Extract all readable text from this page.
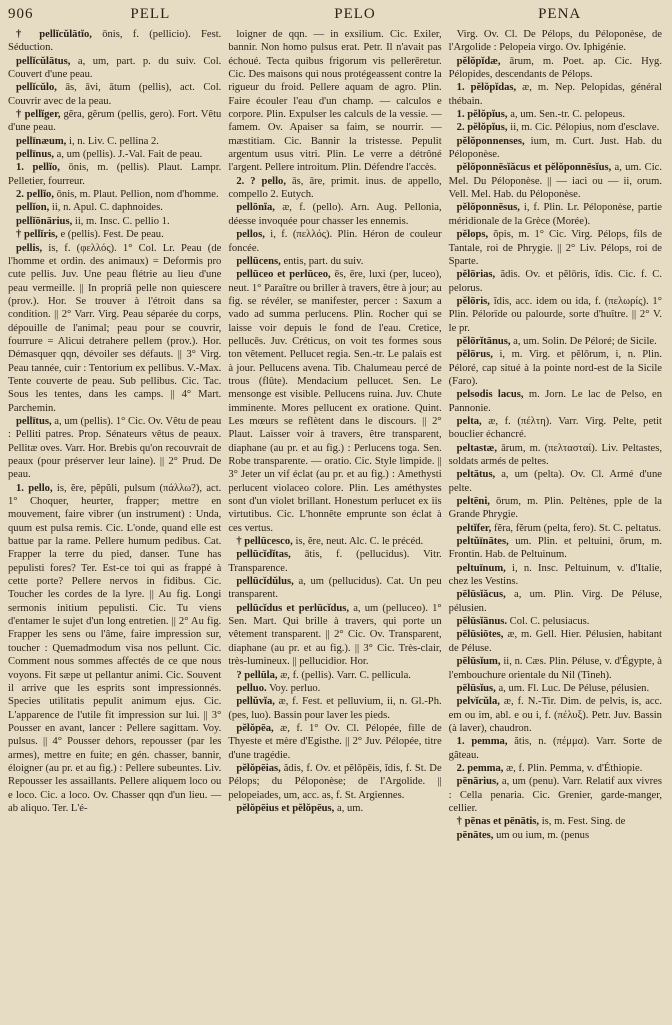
906	PELL	PELO	PENA

† pellĭcŭlātĭo, ōnis, f. (pellicio). Fest. Séduction.

pellĭcŭlātus, a, um, part. p. du suiv. Col. Couvert d'une peau.

pellĭcŭlo, ās, āvi, ātum (pellis), act. Col. Couvrir avec de la peau.

† pellĭger, gĕra, gĕrum (pellis, gero). Fort. Vêtu d'une peau.

pellīnæum, i, n. Liv. C. pellina 2.

pellīnus, a, um (pellis). J.-Val. Fait de peau.

1. pellĭo, ōnis, m. (pellis). Plaut. Lampr. Pelletier, fourreur.

2. pellĭo, ōnis, m. Plaut. Pellion, nom d'homme.

pellĭon, ii, n. Apul. C. daphnoides.

pellĭōnārius, ii, m. Insc. C. pellio 1.

† pellĭris, e (pellis). Fest. De peau.

pellis, is, f. (φελλός). 1° Col. Lr. Peau (de l'homme et ordin. des animaux) = Deformis pro cute pellis. Juv. Une peau flétrie au lieu d'une peau vermeille. || In propriā pelle non quiescere (prov.). Hor. Se trouver à l'étroit dans sa condition. || 2° Varr. Virg. Peau séparée du corps, dépouille de l'animal; peau pour se couvrir, fourrure = Alicui detrahere pellem (prov.). Hor. Démasquer qqn, dévoiler ses défauts. || 3° Virg. Peau tannée, cuir : Tentorium ex pellibus. V.-Max. Tente couverte de peau. Sub pellibus. Cic. Tac. Sous les tentes, dans les camps. || 4° Mart. Parchemin.

pellītus, a, um (pellis). 1° Cic. Ov. Vêtu de peau : Pelliti patres. Prop. Sénateurs vêtus de peaux. Pellitæ oves. Varr. Hor. Brebis qu'on recouvrait de peaux (pour préserver leur laine). || 2° Prud. De peau.

1. pello, is, ĕre, pĕpŭli, pulsum (πάλλω?), act. 1° Choquer, heurter, frapper; mettre en mouvement, faire vibrer (un instrument) : Unda, quum est pulsa remis. Cic. L'onde, quand elle est battue par la rame. Pellere humum pedibus. Cat. Frapper la terre du pied, danser. Tune has pepulisti fores? Ter. Est-ce toi qui as frappé à cette porte? Pellere nervos in fidibus. Cic. Toucher les cordes de la lyre. || Au fig. Longi sermonis initium pepulisti. Cic. Tu viens d'entamer le sujet d'un long entretien. || 2° Au fig. Frapper les sens ou l'âme, faire impression sur, toucher : Quemadmodum visa nos pellunt. Cic. Comment nous sommes affectés de ce que nous voyons. Fit sæpe ut pellantur animi. Cic. Souvent il arrive que les esprits sont impressionnés. Species utilitatis pepulit animum ejus. Cic. L'apparence de l'utile fit impression sur lui. || 3° Pousser en avant, lancer : Pellere sagittam. Voy. pulsus. || 4° Pousser dehors, repousser (par les armes), mettre en fuite; en gén. chasser, bannir, éloigner (au pr. et au fig.) : Pellere subeuntes. Liv. Repousser les assaillants. Pellere aliquem loco ou e loco. Cic. a loco. Ov. Chasser qqn d'un lieu. — ab aliquo. Ter. L'é-

loigner de qqn. — in exsilium. Cic. Exiler, bannir. Non homo pulsus erat. Petr. Il n'avait pas échoué. Tecta quibus frigorum vis pellerēretur. Cic. Des maisons qui nous protégeassent contre la rigueur du froid. Pellere aquam de agro. Plin. Faire écouler l'eau d'un champ. — calculos e corpore. Plin. Expulser les calculs de la vessie. — famem. Ov. Apaiser sa faim, se nourrir. — mæstitiam. Cic. Bannir la tristesse. Pepulit argentum usus vitri. Plin. Le verre a détrôné l'argent. Pellere introitum. Plin. Défendre l'accès.

2. ? pello, ās, āre, primit. inus. de appello, compello 2. Eutych.

pellōnĭa, æ, f. (pello). Arn. Aug. Pellonia, déesse invoquée pour chasser les ennemis.

pellos, i, f. (πελλός). Plin. Héron de couleur foncée.

pellūcens, entis, part. du suiv.

pellūceo et perlūceo, ēs, ēre, luxi (per, luceo), neut. 1° Paraître ou briller à travers, être à jour; au fig. se révéler, se manifester, percer : Saxum a vado ad summa perlucens. Plin. Rocher qui se laisse voir depuis le fond de l'eau. Cretice, pellucēs. Juv. Créticus, on voit tes formes sous ton vêtement. Pellucet regia. Sen.-tr. Le palais est à jour. Pellucens avena. Tib. Chalumeau percé de trous (flûte). Mendacium pellucet. Sen. Le mensonge est visible. Pellucens ruina. Juv. Chute imminente. Mores pellucent ex oratione. Quint. Les mœurs se reflètent dans le discours. || 2° Plaut. Laisser voir à travers, être transparent, diaphane (au pr. et au fig.) : Perlucens toga. Sen. Robe transparente. — oratio. Cic. Style limpide. || 3° Jeter un vif éclat (au pr. et au fig.) : Amethysti perlucent violaceo colore. Plin. Les améthystes sont d'un violet brillant. Honestum perlucet ex iis virtutibus. Cic. L'honnête emprunte son éclat à ces vertus.

† pellūcesco, is, ĕre, neut. Alc. C. le précéd.

pellūcĭdĭtas, ātis, f. (pellucidus). Vitr. Transparence.

pellūcĭdŭlus, a, um (pellucidus). Cat. Un peu transparent.

pellūcĭdus et perlūcĭdus, a, um (pelluceo). 1° Sen. Mart. Qui brille à travers, qui porte un vêtement transparent. || 2° Cic. Ov. Transparent, diaphane (au pr. et au fig.). || 3° Cic. Très-clair, très-lumineux. || pellucidior. Hor.

? pellūla, æ, f. (pellis). Varr. C. pellicula.

pelluo. Voy. perluo.

pellŭvĭa, æ, f. Fest. et pelluvium, ii, n. Gl.-Ph. (pes, luo). Bassin pour laver les pieds.

pĕlŏpēa, æ, f. 1° Ov. Cl. Pélopée, fille de Thyeste et mère d'Egisthe. || 2° Juv. Pélopée, titre d'une tragédie.

pĕlŏpēias, ădis, f. Ov. et pĕlŏpēis, ĭdis, f. St. De Pélops; du Péloponèse; de l'Argolide. || pelopeiades, um, acc. as, f. St. Argiennes.

pĕlŏpēius et pĕlŏpēus, a, um.

Virg. Ov. Cl. De Pélops, du Péloponèse, de l'Argolide : Pelopeia virgo. Ov. Iphigénie.

pĕlŏpĭdæ, ārum, m. Poet. ap. Cic. Hyg. Pélopides, descendants de Pélops.

1. pĕlŏpĭdas, æ, m. Nep. Pelopidas, général thébain.

1. pĕlŏpĭus, a, um. Sen.-tr. C. pelopeus.

2. pĕlŏpĭus, ii, m. Cic. Pélopius, nom d'esclave.

pĕlŏponnenses, ium, m. Curt. Just. Hab. du Péloponèse.

pĕlŏponnēsĭăcus et pĕlŏponnēsĭus, a, um. Cic. Mel. Du Péloponèse. || — iaci ou — ii, orum. Vell. Mel. Hab. du Péloponèse.

pĕlŏponnēsus, i, f. Plin. Lr. Péloponèse, partie méridionale de la Grèce (Morée).

pĕlops, ŏpis, m. 1° Cic. Virg. Pélops, fils de Tantale, roi de Phrygie. || 2° Liv. Pélops, roi de Sparte.

pĕlōrias, ădis. Ov. et pĕlōris, ĭdis. Cic. f. C. pelorus.

pĕlōris, ĭdis, acc. idem ou ida, f. (πελωρίς). 1° Plin. Pélorïde ou palourde, sorte d'huître. || 2° V. le pr.

pĕlōrĭtānus, a, um. Solin. De Péloré; de Sicile.

pĕlōrus, i, m. Virg. et pĕlōrum, i, n. Plin. Péloré, cap situé à la pointe nord-est de la Sicile (Faro).

pelsodis lacus, m. Jorn. Le lac de Pelso, en Pannonie.

pelta, æ, f. (πέλτη). Varr. Virg. Pelte, petit bouclier échancré.

peltastæ, ārum, m. (πελτασταί). Liv. Peltastes, soldats armés de peltes.

peltātus, a, um (pelta). Ov. Cl. Armé d'une pelte.

peltēni, ōrum, m. Plin. Peltènes, pple de la Grande Phrygie.

peltĭfer, fĕra, fĕrum (pelta, fero). St. C. peltatus.

peltŭīnātes, um. Plin. et peltuini, ōrum, m. Frontin. Hab. de Peltuinum.

peltuīnum, i, n. Insc. Peltuinum, v. d'Italie, chez les Vestins.

pēlūsĭăcus, a, um. Plin. Virg. De Péluse, pélusien.

pēlūsĭānus. Col. C. pelusiacus.

pēlūsiōtes, æ, m. Gell. Hier. Pélusien, habitant de Péluse.

pēlūsĭum, ii, n. Cæs. Plin. Péluse, v. d'Égypte, à l'embouchure orientale du Nil (Tineh).

pēlūsĭus, a, um. Fl. Luc. De Péluse, pélusien.

pelvĭcŭla, æ, f. N.-Tir. Dim. de pelvis, is, acc. em ou im, abl. e ou i, f. (πέλυξ). Petr. Juv. Bassin (à laver), chaudron.

1. pemma, ătis, n. (πέμμα). Varr. Sorte de gâteau.

2. pemma, æ, f. Plin. Pemma, v. d'Éthiopie.

pēnārius, a, um (penu). Varr. Relatif aux vivres : Cella penaria. Cic. Grenier, garde-manger, cellier.

† pēnas et pēnātis, is, m. Fest. Sing. de

pēnātes, um ou ium, m. (penus
